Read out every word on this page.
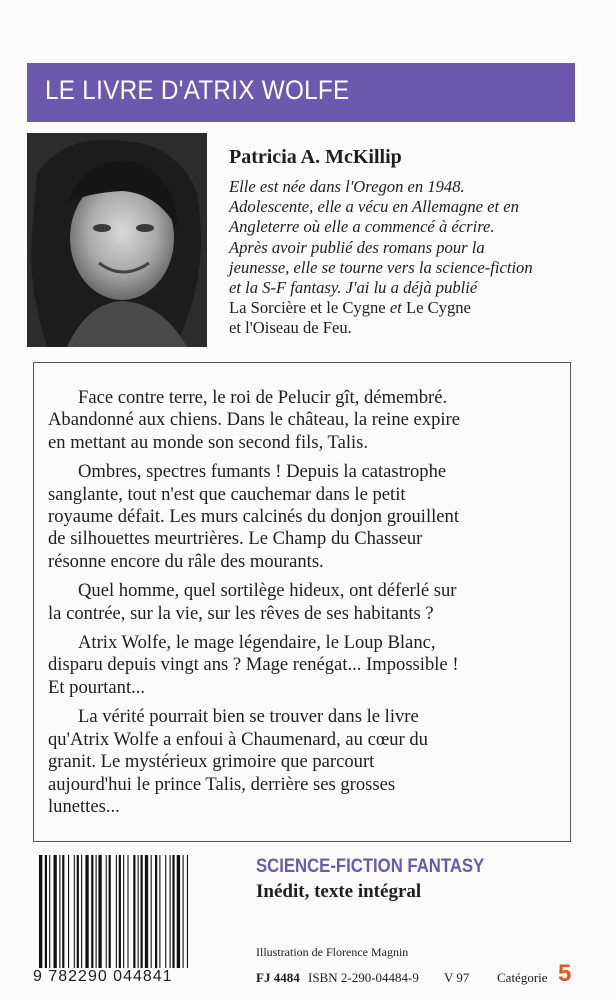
LE LIVRE D'ATRIX WOLFE
Patricia A. McKillip
Elle est née dans l'Oregon en 1948.
Adolescente, elle a vécu en Allemagne et en
Angleterre où elle a commencé à écrire.
Après avoir publié des romans pour la
jeunesse, elle se tourne vers la science-fiction
et la S-F fantasy. J'ai lu a déjà publié
La Sorcière et le Cygne et Le Cygne
et l'Oiseau de Feu.
Face contre terre, le roi de Pelucir gît, démembré.
Abandonné aux chiens. Dans le château, la reine expire
en mettant au monde son second fils, Talis.
Ombres, spectres fumants ! Depuis la catastrophe
sanglante, tout n'est que cauchemar dans le petit
royaume défait. Les murs calcinés du donjon grouillent
de silhouettes meurtrières. Le Champ du Chasseur
résonne encore du râle des mourants.
Quel homme, quel sortilège hideux, ont déferlé sur
la contrée, sur la vie, sur les rêves de ses habitants ?
Atrix Wolfe, le mage légendaire, le Loup Blanc,
disparu depuis vingt ans ? Mage renégat... Impossible !
Et pourtant...
La vérité pourrait bien se trouver dans le livre
qu'Atrix Wolfe a enfoui à Chaumenard, au cœur du
granit. Le mystérieux grimoire que parcourt
aujourd'hui le prince Talis, derrière ses grosses
lunettes...
9 782290 044841
SCIENCE-FICTION FANTASY
Inédit, texte intégral
Illustration de Florence Magnin
FJ 4484 ISBN 2-290-04484-9 V 97 Catégorie 5
